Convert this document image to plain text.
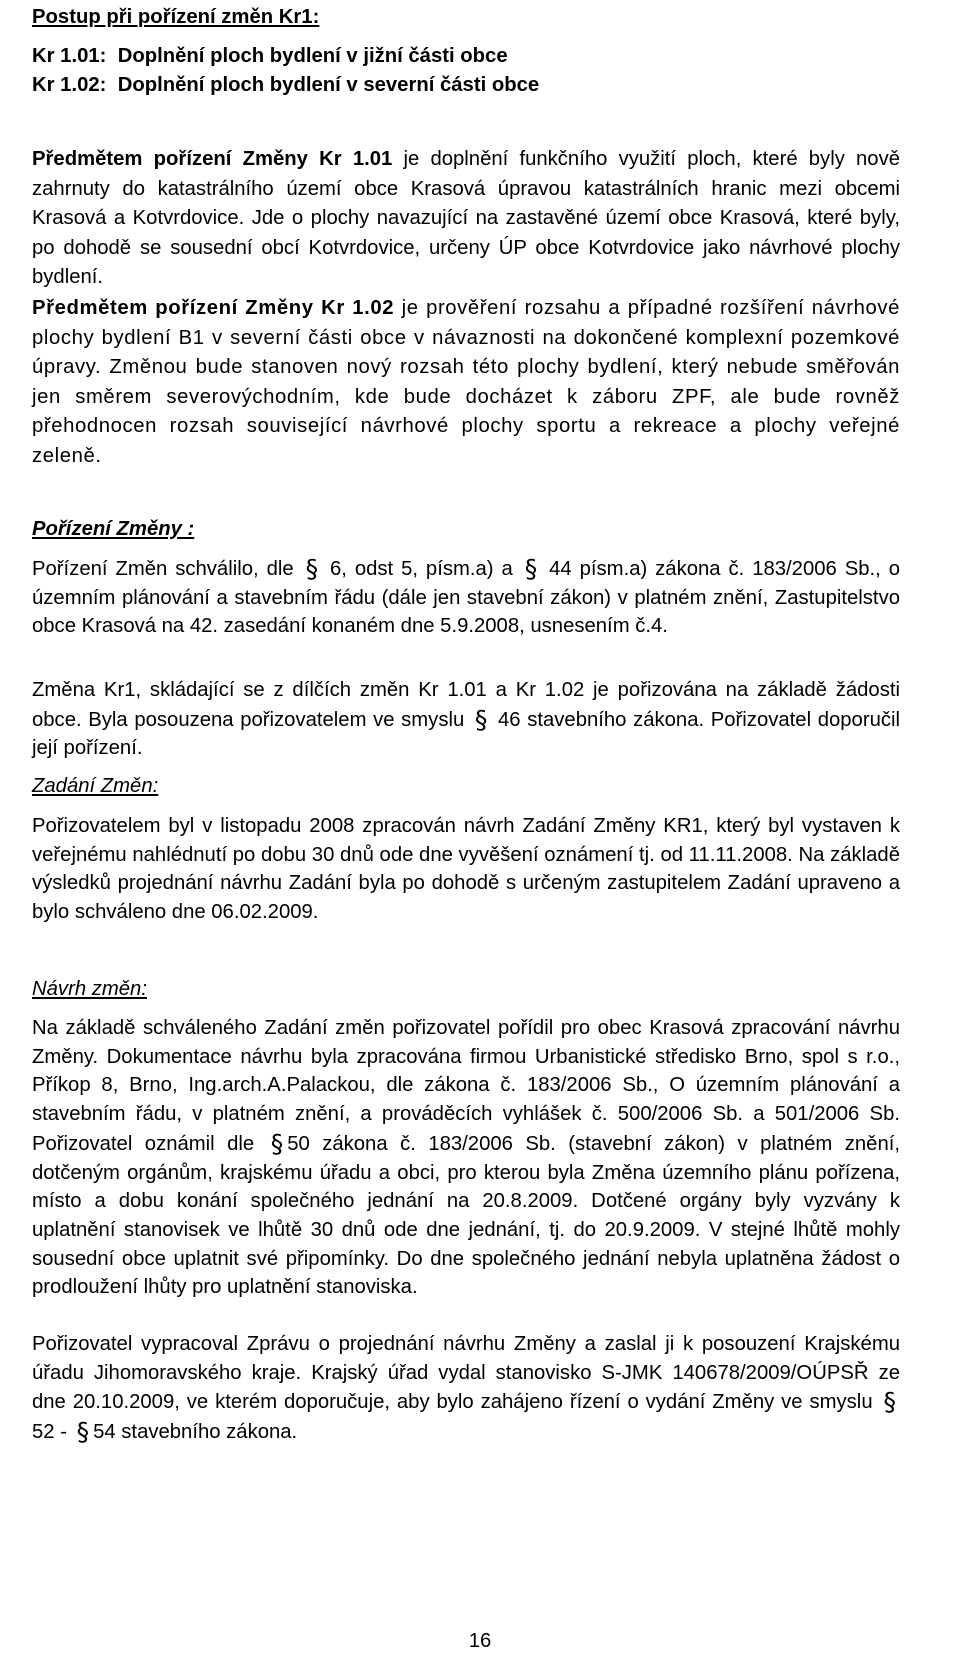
Postup při pořízení změn Kr1:
Kr 1.01: Doplnění ploch bydlení v jižní části obce
Kr 1.02: Doplnění ploch bydlení v severní části obce

Předmětem pořízení Změny Kr 1.01 je doplnění funkčního využití ploch, které byly nově zahrnuty do katastrálního území obce Krasová úpravou katastrálních hranic mezi obcemi Krasová a Kotvrdovice. Jde o plochy navazující na zastavěné území obce Krasová, které byly, po dohodě se sousední obcí Kotvrdovice, určeny ÚP obce Kotvrdovice jako návrhové plochy bydlení.

Předmětem pořízení Změny Kr 1.02 je prověření rozsahu a případné rozšíření návrhové plochy bydlení B1 v severní části obce v návaznosti na dokončené komplexní pozemkové úpravy. Změnou bude stanoven nový rozsah této plochy bydlení, který nebude směřován jen směrem severovýchodním, kde bude docházet k záboru ZPF, ale bude rovněž přehodnocen rozsah související návrhové plochy sportu a rekreace a plochy veřejné zeleně.

Pořízení Změny :

Pořízení Změn schválilo, dle § 6, odst 5, písm.a) a § 44 písm.a) zákona č. 183/2006 Sb., o územním plánování a stavebním řádu (dále jen stavební zákon) v platném znění, Zastupitelstvo obce Krasová na 42. zasedání konaném dne 5.9.2008, usnesením č.4.

Změna Kr1, skládající se z dílčích změn Kr 1.01 a Kr 1.02 je pořizována na základě žádosti obce. Byla posouzena pořizovatelem ve smyslu § 46 stavebního zákona. Pořizovatel doporučil její pořízení.

Zadání Změn:

Pořizovatelem byl v listopadu 2008 zpracován návrh Zadání Změny KR1, který byl vystaven k veřejnému nahlédnutí po dobu 30 dnů ode dne vyvěšení oznámení tj. od 11.11.2008. Na základě výsledků projednání návrhu Zadání byla po dohodě s určeným zastupitelem Zadání upraveno a bylo schváleno dne 06.02.2009.

Návrh změn:

Na základě schváleného Zadání změn pořizovatel pořídil pro obec Krasová zpracování návrhu Změny. Dokumentace návrhu byla zpracována firmou Urbanistické středisko Brno, spol s r.o., Příkop 8, Brno, Ing.arch.A.Palackou, dle zákona č. 183/2006 Sb., O územním plánování a stavebním řádu, v platném znění, a prováděcích vyhlášek č. 500/2006 Sb. a 501/2006 Sb. Pořizovatel oznámil dle § 50 zákona č. 183/2006 Sb. (stavební zákon) v platném znění, dotčeným orgánům, krajskému úřadu a obci, pro kterou byla Změna územního plánu pořízena, místo a dobu konání společného jednání na 20.8.2009. Dotčené orgány byly vyzvány k uplatnění stanovisek ve lhůtě 30 dnů ode dne jednání, tj. do 20.9.2009. V stejné lhůtě mohly sousední obce uplatnit své připomínky. Do dne společného jednání nebyla uplatněna žádost o prodloužení lhůty pro uplatnění stanoviska.

Pořizovatel vypracoval Zprávu o projednání návrhu Změny a zaslal ji k posouzení Krajskému úřadu Jihomoravského kraje. Krajský úřad vydal stanovisko S-JMK 140678/2009/OÚPSŘ ze dne 20.10.2009, ve kterém doporučuje, aby bylo zahájeno řízení o vydání Změny ve smyslu §52 - § 54 stavebního zákona.

16
